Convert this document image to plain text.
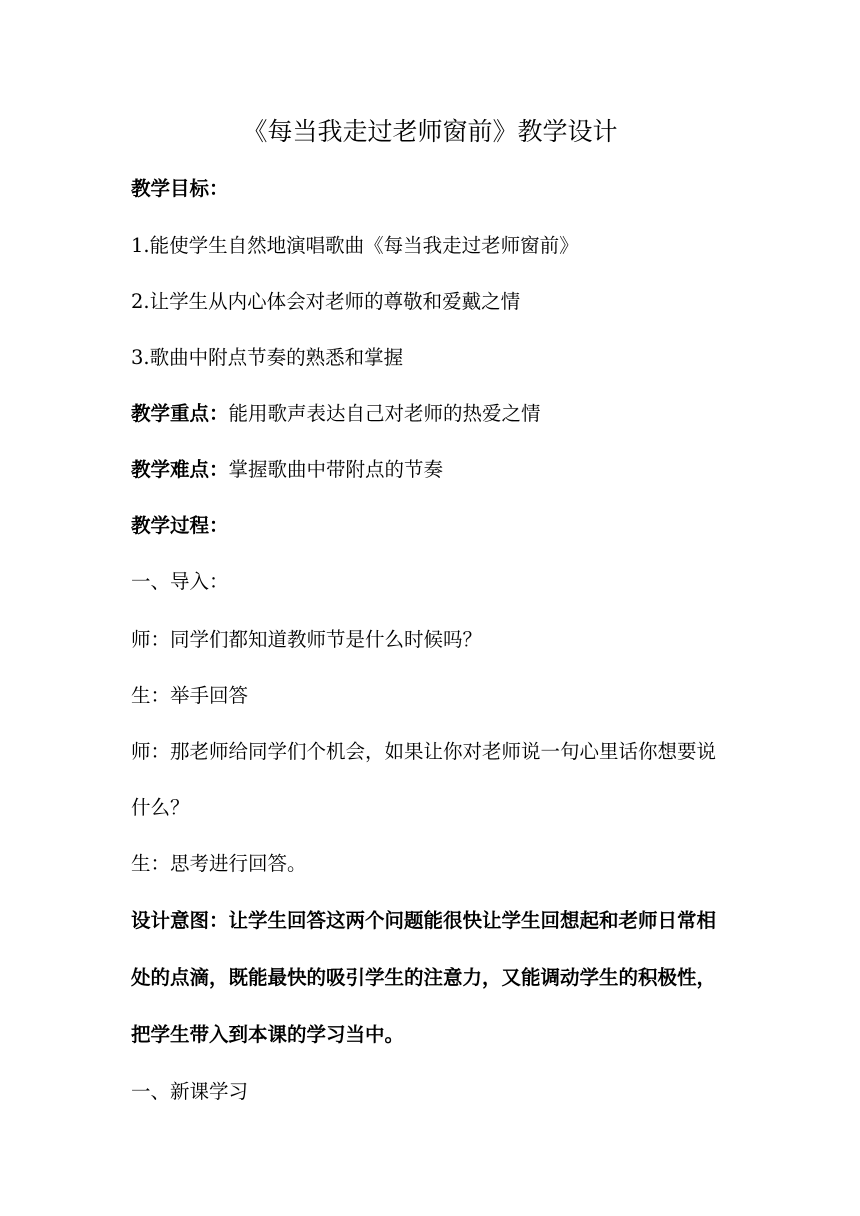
《每当我走过老师窗前》教学设计

教学目标：

1.能使学生自然地演唱歌曲《每当我走过老师窗前》

2.让学生从内心体会对老师的尊敬和爱戴之情

3.歌曲中附点节奏的熟悉和掌握

教学重点：能用歌声表达自己对老师的热爱之情

教学难点：掌握歌曲中带附点的节奏

教学过程：

一、导入：

师：同学们都知道教师节是什么时候吗？

生：举手回答

师：那老师给同学们个机会，如果让你对老师说一句心里话你想要说

什么？

生：思考进行回答。

设计意图：让学生回答这两个问题能很快让学生回想起和老师日常相

处的点滴，既能最快的吸引学生的注意力，又能调动学生的积极性，

把学生带入到本课的学习当中。

一、新课学习
